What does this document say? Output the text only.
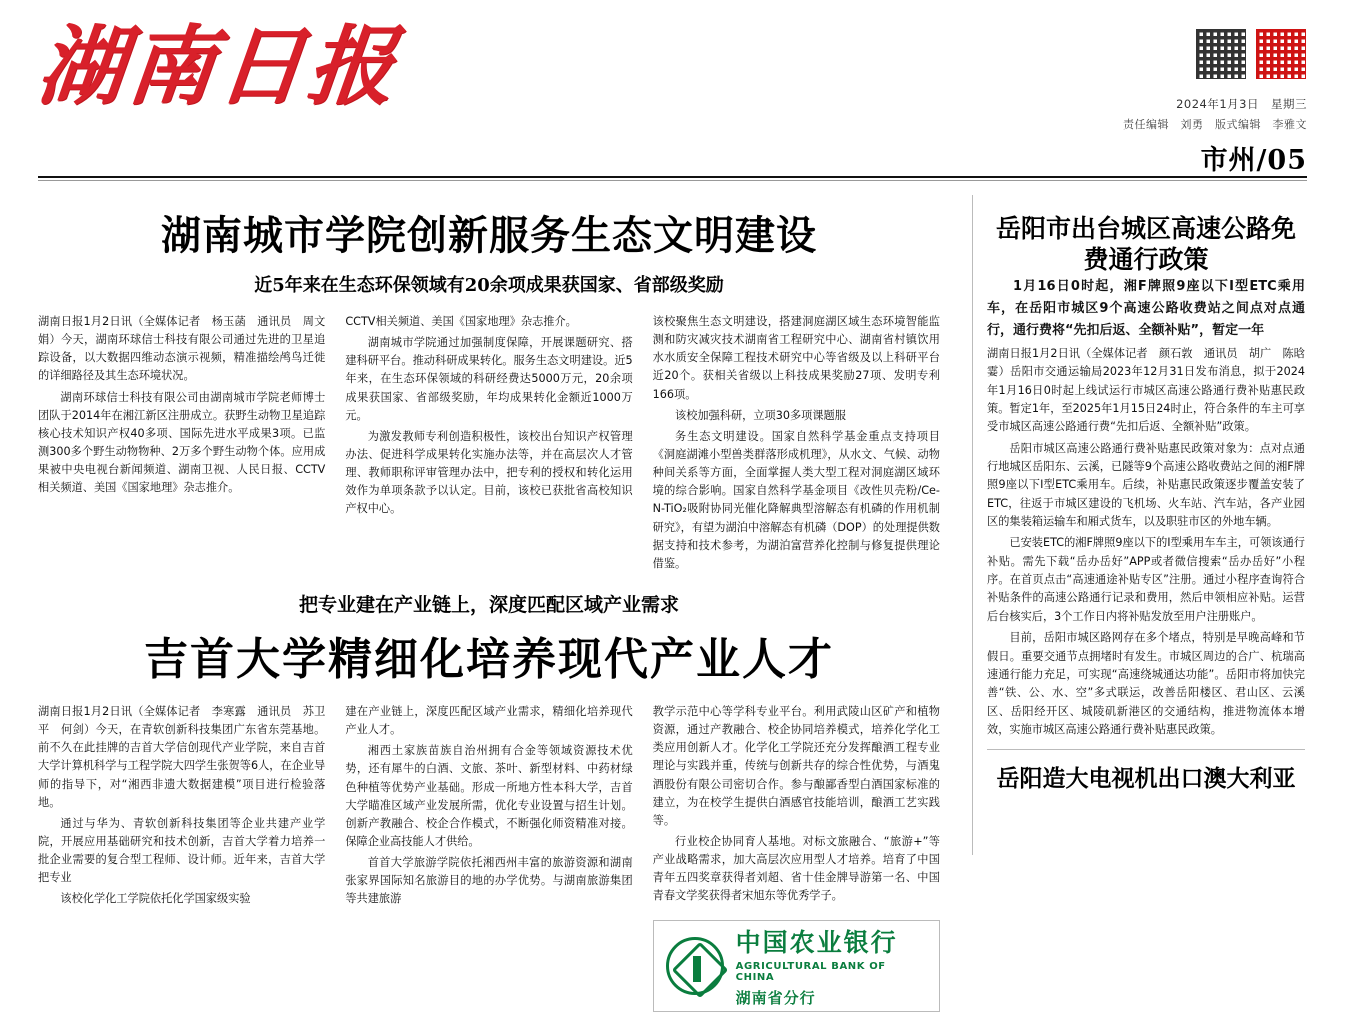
湖南日报	2024年1月3日　星期三
责任编辑　刘勇　版式编辑　李雅文
市州/05
湖南城市学院创新服务生态文明建设
近5年来在生态环保领域有20余项成果获国家、省部级奖励

湖南日报1月2日讯（全媒体记者　杨玉菡　通讯员　周文娟）今天，湖南环球信士科技有限公司通过先进的卫星追踪设备，以大数据四维动态演示视频，精准描绘鸬鸟迁徙的详细路径及其生态环境状况。

湖南环球信士科技有限公司由湖南城市学院老师博士团队于2014年在湘江新区注册成立。获野生动物卫星追踪核心技术知识产权40多项、国际先进水平成果3项。已监测300多个野生动物物种、2万多个野生动物个体。应用成果被中央电视台新闻频道、湖南卫视、人民日报、CCTV相关频道、美国《国家地理》杂志推介。

CCTV相关频道、美国《国家地理》杂志推介。

湖南城市学院通过加强制度保障，开展课题研究、搭建科研平台。推动科研成果转化。服务生态文明建设。近5年来，在生态环保领域的科研经费达5000万元，20余项成果获国家、省部级奖励，年均成果转化金额近1000万元。

为激发教师专利创造积极性，该校出台知识产权管理办法、促进科学成果转化实施办法等，并在高层次人才管理、教师职称评审管理办法中，把专利的授权和转化运用效作为单项条款予以认定。目前，该校已获批省高校知识产权中心。

该校聚焦生态文明建设，搭建洞庭湖区域生态环境智能监测和防灾减灾技术湖南省工程研究中心、湖南省村镇饮用水水质安全保障工程技术研究中心等省级及以上科研平台近20个。获相关省级以上科技成果奖励27项、发明专利166项。

该校加强科研，立项30多项课题服

务生态文明建设。国家自然科学基金重点支持项目《洞庭湖滩小型兽类群落形成机理》，从水文、气候、动物种间关系等方面，全面掌握人类大型工程对洞庭湖区域环境的综合影响。国家自然科学基金项目《改性贝壳粉/Ce-N-TiO₂吸附协同光催化降解典型溶解态有机磷的作用机制研究》，有望为湖泊中溶解态有机磷（DOP）的处理提供数据支持和技术参考，为湖泊富营养化控制与修复提供理论借鉴。

把专业建在产业链上，深度匹配区域产业需求
吉首大学精细化培养现代产业人才

湖南日报1月2日讯（全媒体记者　李寒露　通讯员　苏卫平　何剑）今天，在青软创新科技集团广东省东莞基地。前不久在此挂牌的吉首大学信创现代产业学院，来自吉首大学计算机科学与工程学院大四学生张贺等6人，在企业导师的指导下，对“湘西非遗大数据建模”项目进行检验落地。

通过与华为、青软创新科技集团等企业共建产业学院，开展应用基础研究和技术创新，吉首大学着力培养一批企业需要的复合型工程师、设计师。近年来，吉首大学把专业

该校化学化工学院依托化学国家级实验

建在产业链上，深度匹配区域产业需求，精细化培养现代产业人才。

湘西土家族苗族自治州拥有合金等领域资源技术优势，还有犀牛的白酒、文旅、茶叶、新型材料、中药材绿色种植等优势产业基础。形成一所地方性本科大学，吉首大学瞄准区域产业发展所需，优化专业设置与招生计划。创新产教融合、校企合作模式，不断强化师资精准对接。保障企业高技能人才供给。

首首大学旅游学院依托湘西州丰富的旅游资源和湖南张家界国际知名旅游目的地的办学优势。与湖南旅游集团等共建旅游

教学示范中心等学科专业平台。利用武陵山区矿产和植物资源，通过产教融合、校企协同培养模式，培养化学化工类应用创新人才。化学化工学院还充分发挥酿酒工程专业理论与实践并重，传统与创新共存的综合性优势，与酒鬼酒股份有限公司密切合作。参与酿鄙香型白酒国家标准的建立，为在校学生提供白酒感官技能培训，酿酒工艺实践等。

行业校企协同育人基地。对标文旅融合、“旅游+”等产业战略需求，加大高层次应用型人才培养。培育了中国青年五四奖章获得者刘超、省十佳金牌导游第一名、中国青春文学奖获得者宋旭东等优秀学子。

中国农业银行
AGRICULTURAL BANK OF CHINA
湖南省分行
岳阳市出台城区高速公路免费通行政策

1月16日0时起，湘F牌照9座以下Ⅰ型ETC乘用车，在岳阳市城区9个高速公路收费站之间点对点通行，通行费将“先扣后返、全额补贴”，暂定一年

湖南日报1月2日讯（全媒体记者　颜石敦　通讯员　胡广　陈晗霎）岳阳市交通运输局2023年12月31日发布消息，拟于2024年1月16日0时起上线试运行市城区高速公路通行费补贴惠民政策。暂定1年，至2025年1月15日24时止，符合条件的车主可享受市城区高速公路通行费“先扣后返、全额补贴”政策。

岳阳市城区高速公路通行费补贴惠民政策对象为：点对点通行地城区岳阳东、云溪，已隧等9个高速公路收费站之间的湘F牌照9座以下Ⅰ型ETC乘用车。后续，补贴惠民政策逐步覆盖安装了ETC，往返于市城区建设的飞机场、火车站、汽车站，各产业园区的集装箱运输车和厢式货车，以及职驻市区的外地车辆。

已安装ETC的湘F牌照9座以下的Ⅰ型乘用车车主，可领该通行补贴。需先下载“岳办岳好”APP或者微信搜索“岳办岳好”小程序。在首页点击“高速通途补贴专区”注册。通过小程序查询符合补贴条件的高速公路通行记录和费用，然后申领相应补贴。运营后台核实后，3个工作日内将补贴发放至用户注册账户。

目前，岳阳市城区路网存在多个堵点，特别是早晚高峰和节假日。重要交通节点拥堵时有发生。市城区周边的合广、杭瑞高速通行能力充足，可实现“高速绕城通达功能”。岳阳市将加快完善“铁、公、水、空”多式联运，改善岳阳楼区、君山区、云溪区、岳阳经开区、城陵矶新港区的交通结构，推进物流体本增效，实施市城区高速公路通行费补贴惠民政策。

岳阳造大电视机出口澳大利亚
